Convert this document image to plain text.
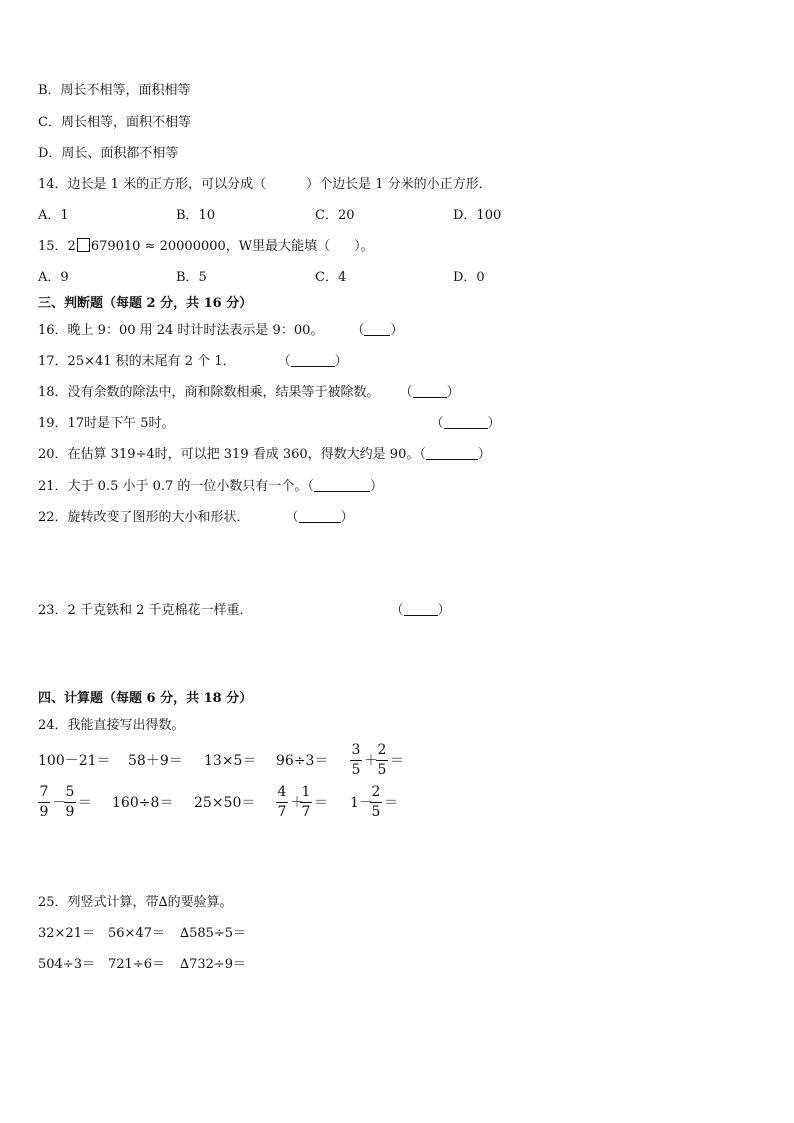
B．周长不相等，面积相等
C．周长相等，面积不相等
D．周长、面积都不相等
14．边长是 1 米的正方形，可以分成（	）个边长是 1 分米的小正方形．
A．1	B．10	C．20	D．100
15．2 679010 ≈ 20000000，W里最大能填（ ）。
A．9	B．5	C．4	D．0
三、判断题（每题 2 分，共 16 分）
16．晚上 9：00 用 24 时计时法表示是 9：00。 （ ）
17．25×41 积的末尾有 2 个 1．	（	）
18．没有余数的除法中，商和除数相乘，结果等于被除数。 （	）
19．17时是下午 5时。	（	）
20．在估算 319÷4时，可以把 319 看成 360，得数大约是 90。（	）
21．大于 0.5 小于 0.7 的一位小数只有一个。（	）
22．旋转改变了图形的大小和形状．	（	）
23．2 千克铁和 2 千克棉花一样重．	（	）
四、计算题（每题 6 分，共 18 分）
24．我能直接写出得数。
100－21＝ 58＋9＝ 13×5＝ 96÷3＝
3
5
＋
2
5
＝
7
9
－
5
9
＝ 160÷8＝ 25×50＝
4
7
＋
1
7
＝ 1－
2
5
＝
25．列竖式计算，带∆的要验算。
32×21＝ 56×47＝ ∆585÷5＝
504÷3＝ 721÷6＝ ∆732÷9＝
